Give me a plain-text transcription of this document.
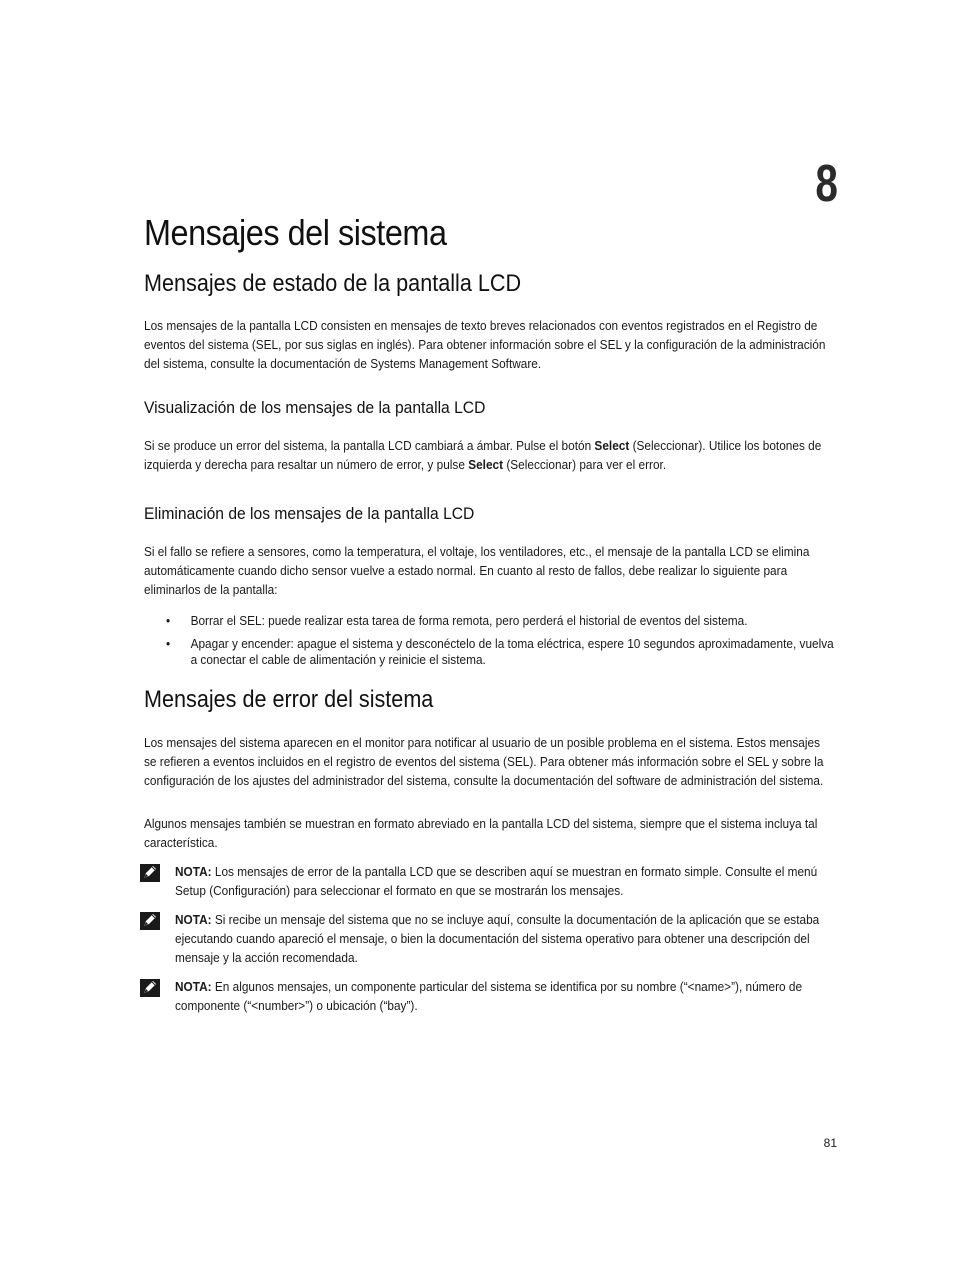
8
Mensajes del sistema
Mensajes de estado de la pantalla LCD

Los mensajes de la pantalla LCD consisten en mensajes de texto breves relacionados con eventos registrados en el Registro de eventos del sistema (SEL, por sus siglas en inglés). Para obtener información sobre el SEL y la configuración de la administración del sistema, consulte la documentación de Systems Management Software.

Visualización de los mensajes de la pantalla LCD

Si se produce un error del sistema, la pantalla LCD cambiará a ámbar. Pulse el botón Select (Seleccionar). Utilice los botones de izquierda y derecha para resaltar un número de error, y pulse Select (Seleccionar) para ver el error.

Eliminación de los mensajes de la pantalla LCD

Si el fallo se refiere a sensores, como la temperatura, el voltaje, los ventiladores, etc., el mensaje de la pantalla LCD se elimina automáticamente cuando dicho sensor vuelve a estado normal. En cuanto al resto de fallos, debe realizar lo siguiente para eliminarlos de la pantalla:

• Borrar el SEL: puede realizar esta tarea de forma remota, pero perderá el historial de eventos del sistema.
• Apagar y encender: apague el sistema y desconéctelo de la toma eléctrica, espere 10 segundos aproximadamente, vuelva a conectar el cable de alimentación y reinicie el sistema.
Mensajes de error del sistema

Los mensajes del sistema aparecen en el monitor para notificar al usuario de un posible problema en el sistema. Estos mensajes se refieren a eventos incluidos en el registro de eventos del sistema (SEL). Para obtener más información sobre el SEL y sobre la configuración de los ajustes del administrador del sistema, consulte la documentación del software de administración del sistema.

Algunos mensajes también se muestran en formato abreviado en la pantalla LCD del sistema, siempre que el sistema incluya tal característica.

NOTA: Los mensajes de error de la pantalla LCD que se describen aquí se muestran en formato simple. Consulte el menú Setup (Configuración) para seleccionar el formato en que se mostrarán los mensajes.

NOTA: Si recibe un mensaje del sistema que no se incluye aquí, consulte la documentación de la aplicación que se estaba ejecutando cuando apareció el mensaje, o bien la documentación del sistema operativo para obtener una descripción del mensaje y la acción recomendada.

NOTA: En algunos mensajes, un componente particular del sistema se identifica por su nombre (“<name>”), número de componente (“<number>”) o ubicación (“bay”).

81
